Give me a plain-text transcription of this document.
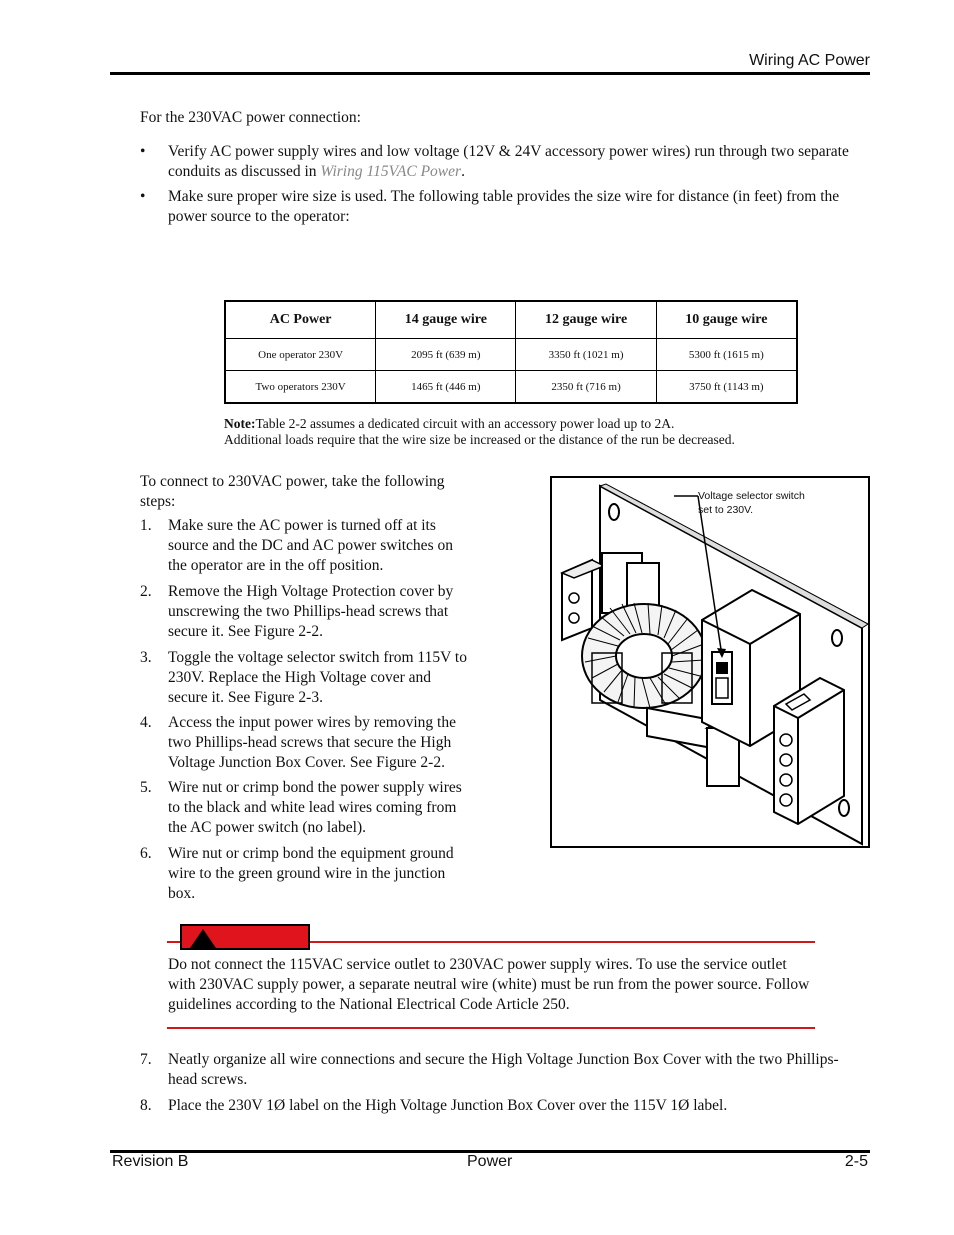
Wiring AC Power
For the 230VAC power connection:
•	Verify AC power supply wires and low voltage (12V & 24V accessory power wires) run through two separate conduits as discussed in Wiring 115VAC Power.
•	Make sure proper wire size is used. The following table provides the size wire for distance (in feet) from the power source to the operator:
AC Power	14 gauge wire	12 gauge wire	10 gauge wire
One operator 230V	2095 ft (639 m)	3350 ft (1021 m)	5300 ft (1615 m)
Two operators 230V	1465 ft (446 m)	2350 ft (716 m)	3750 ft (1143 m)
Note:Table 2-2 assumes a dedicated circuit with an accessory power load up to 2A.
Additional loads require that the wire size be increased or the distance of the run be decreased.
To connect to 230VAC power, take the following steps:
1. Make sure the AC power is turned off at its source and the DC and AC power switches on the operator are in the off position.
2. Remove the High Voltage Protection cover by unscrewing the two Phillips-head screws that secure it. See Figure 2-2.
3. Toggle the voltage selector switch from 115V to 230V. Replace the High Voltage cover and secure it. See Figure 2-3.
4. Access the input power wires by removing the two Phillips-head screws that secure the High Voltage Junction Box Cover. See Figure 2-2.
5. Wire nut or crimp bond the power supply wires to the black and white lead wires coming from the AC power switch (no label).
6. Wire nut or crimp bond the equipment ground wire to the green ground wire in the junction box.
Voltage selector switch
set to 230V.
Do not connect the 115VAC service outlet to 230VAC power supply wires. To use the service outlet with 230VAC supply power, a separate neutral wire (white) must be run from the power source. Follow guidelines according to the National Electrical Code Article 250.
7.	Neatly organize all wire connections and secure the High Voltage Junction Box Cover with the two Phillips-head screws.
8.	Place the 230V 1Ø label on the High Voltage Junction Box Cover over the 115V 1Ø label.
Revision B	Power	2-5
